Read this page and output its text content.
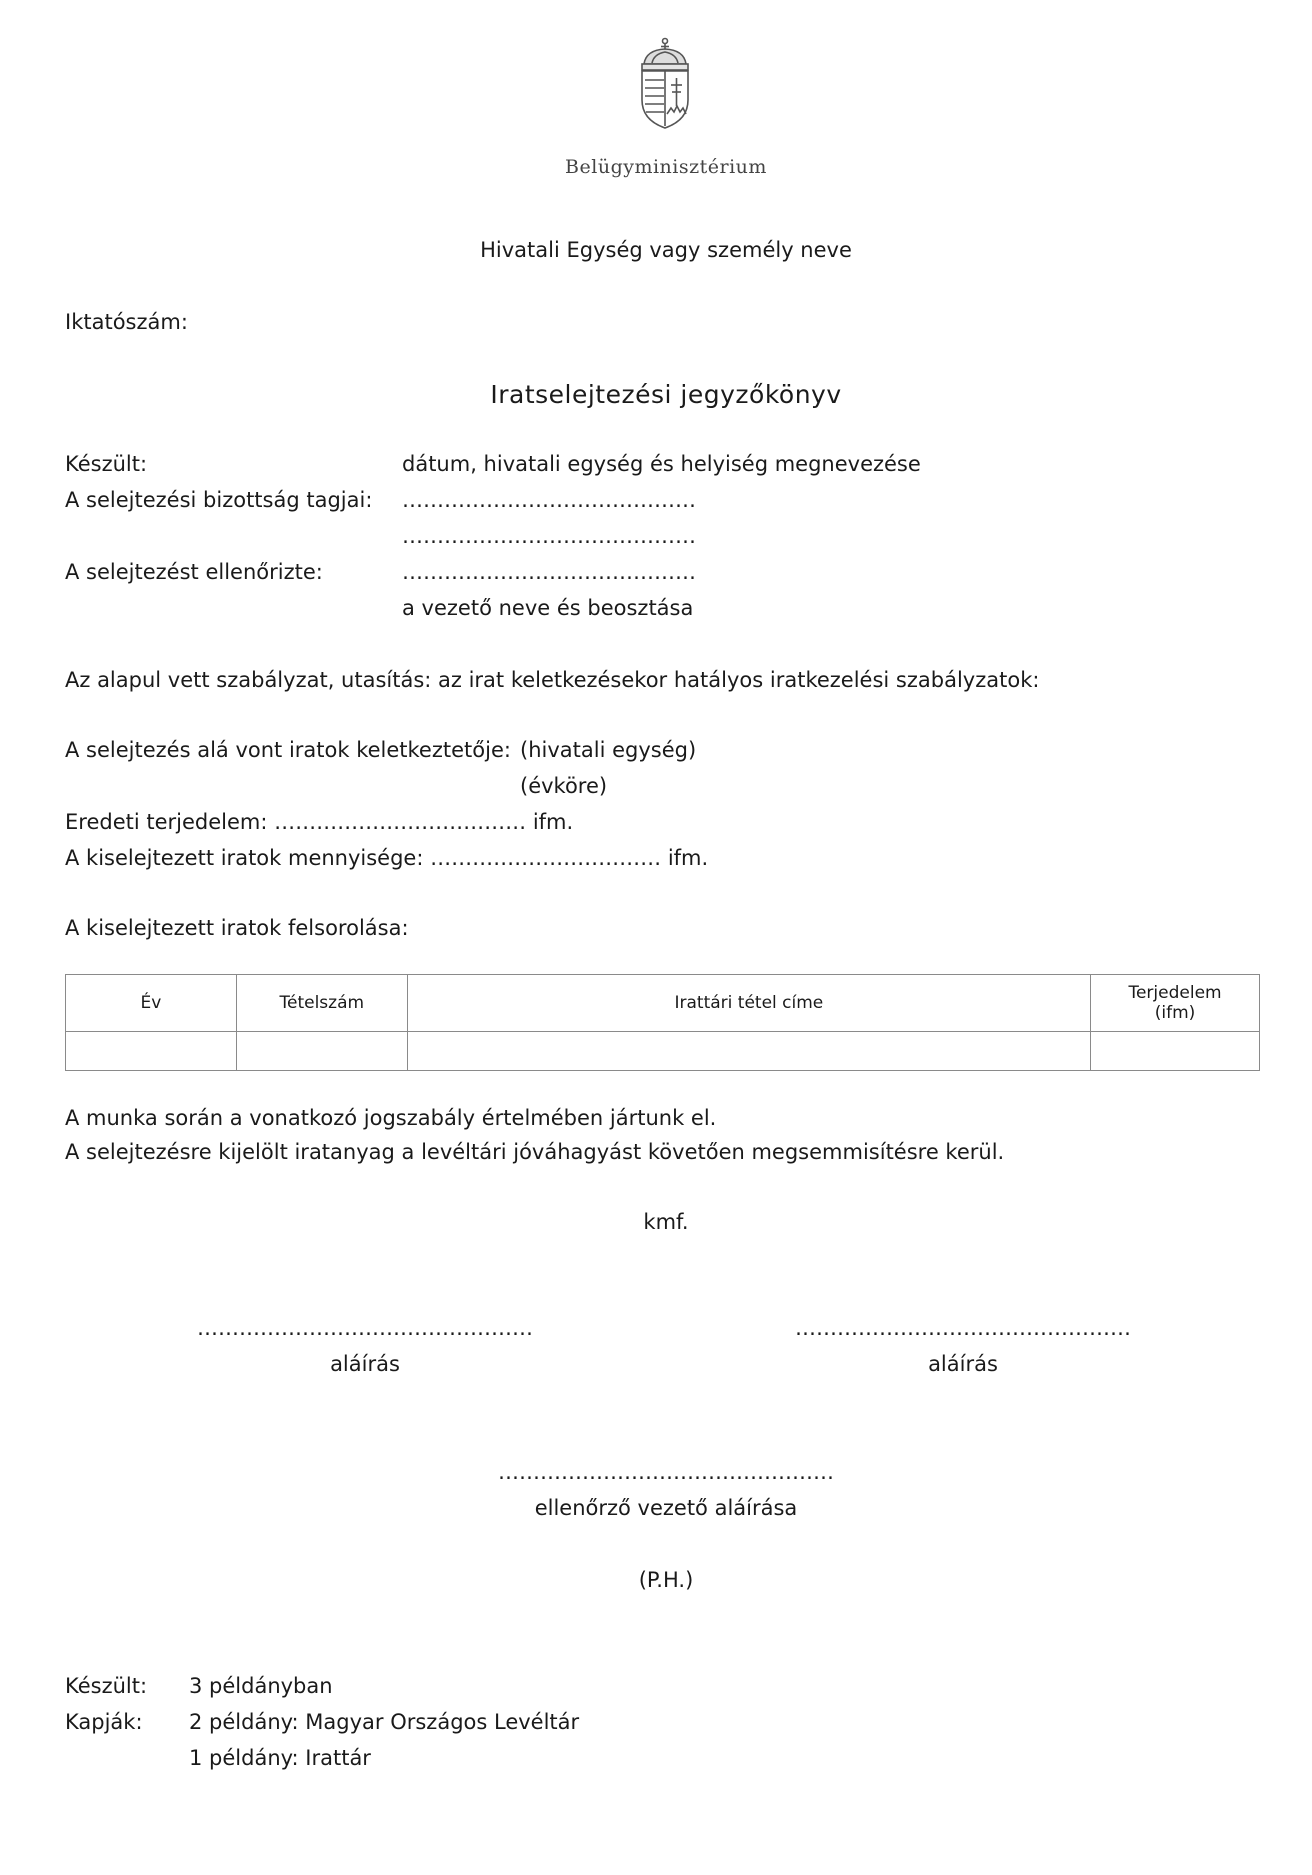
Belügyminisztérium
Hivatali Egység vagy személy neve
Iktatószám:
Iratselejtezési jegyzőkönyv
Készült:	dátum, hivatali egység és helyiség megnevezése
A selejtezési bizottság tagjai: ……………………………………
……………………………………
A selejtezést ellenőrizte:	……………………………………
a vezető neve és beosztása
Az alapul vett szabályzat, utasítás: az irat keletkezésekor hatályos iratkezelési szabályzatok:
A selejtezés alá vont iratok keletkeztetője: (hivatali egység)
(évköre)
Eredeti terjedelem: ……………………………… ifm.
A kiselejtezett iratok mennyisége: …………………………… ifm.
A kiselejtezett iratok felsorolása:
Év	Tételszám	Irattári tétel címe	Terjedelem
(ifm)

A munka során a vonatkozó jogszabály értelmében jártunk el.
A selejtezésre kijelölt iratanyag a levéltári jóváhagyást követően megsemmisítésre kerül.
kmf.
…………………………………………
aláírás
…………………………………………
aláírás
…………………………………………
ellenőrző vezető aláírása
(P.H.)
Készült: 3 példányban
Kapják: 2 példány: Magyar Országos Levéltár
1 példány: Irattár
